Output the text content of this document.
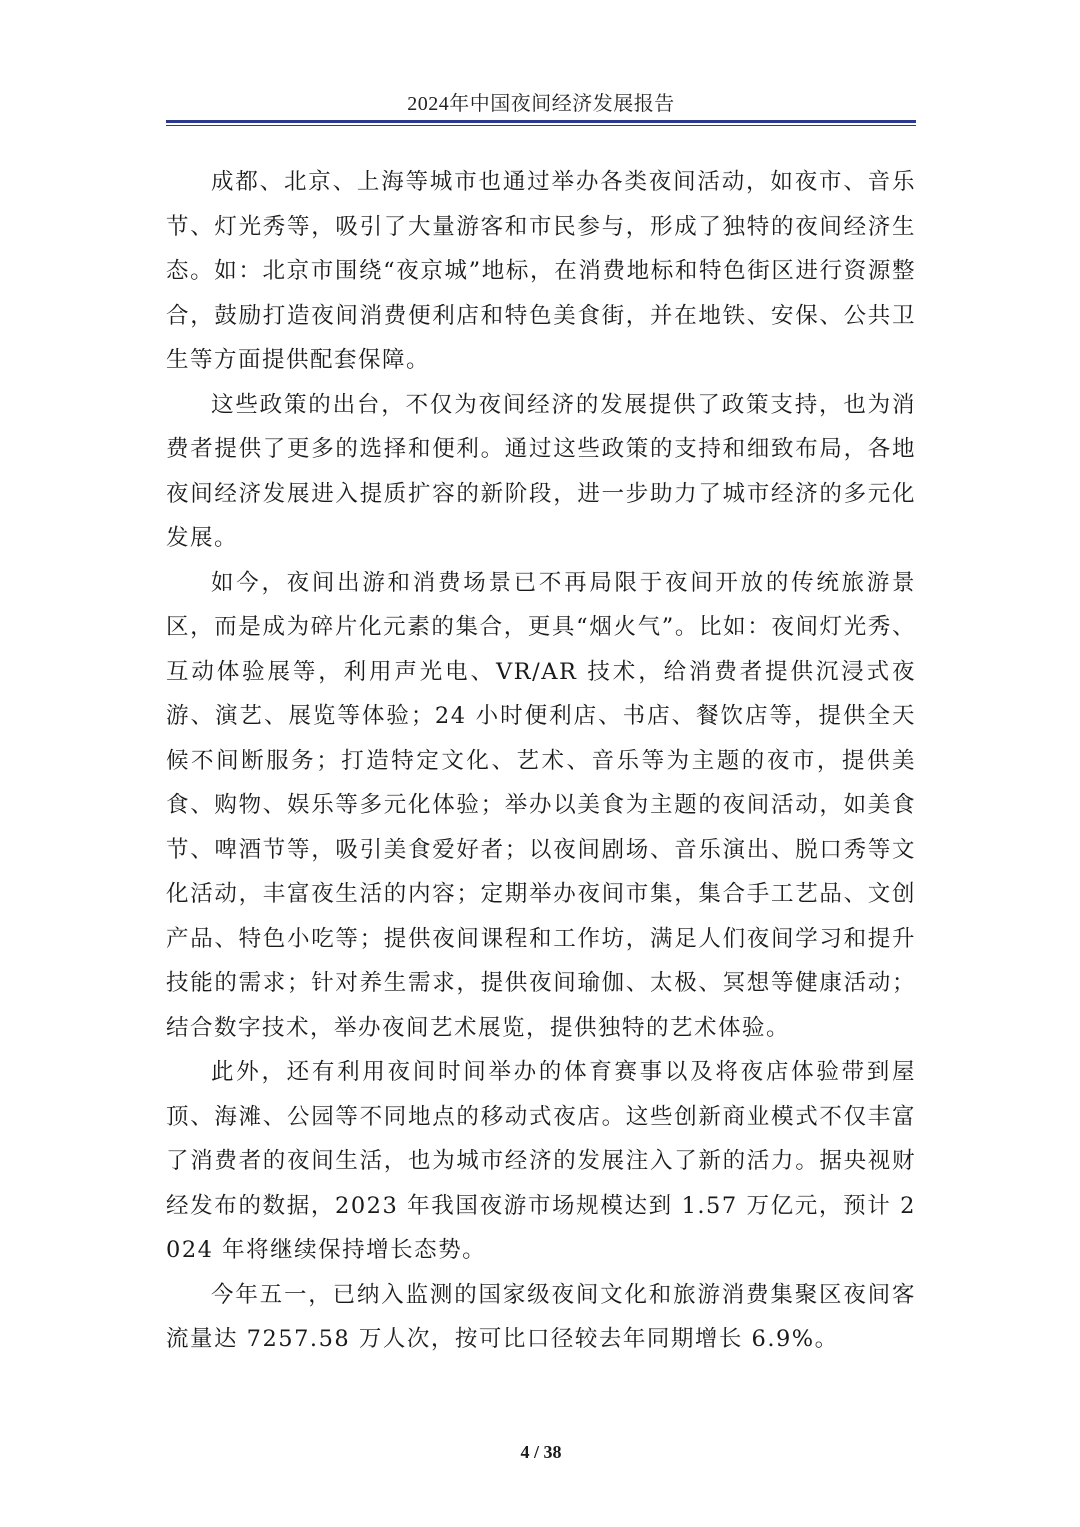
2024年中国夜间经济发展报告

成都、北京、上海等城市也通过举办各类夜间活动，如夜市、音乐节、灯光秀等，吸引了大量游客和市民参与，形成了独特的夜间经济生态。如：北京市围绕“夜京城”地标，在消费地标和特色街区进行资源整合，鼓励打造夜间消费便利店和特色美食街，并在地铁、安保、公共卫生等方面提供配套保障。

这些政策的出台，不仅为夜间经济的发展提供了政策支持，也为消费者提供了更多的选择和便利。通过这些政策的支持和细致布局，各地夜间经济发展进入提质扩容的新阶段，进一步助力了城市经济的多元化发展。

如今，夜间出游和消费场景已不再局限于夜间开放的传统旅游景区，而是成为碎片化元素的集合，更具“烟火气”。比如：夜间灯光秀、互动体验展等，利用声光电、VR/AR 技术，给消费者提供沉浸式夜游、演艺、展览等体验；24 小时便利店、书店、餐饮店等，提供全天候不间断服务；打造特定文化、艺术、音乐等为主题的夜市，提供美食、购物、娱乐等多元化体验；举办以美食为主题的夜间活动，如美食节、啤酒节等，吸引美食爱好者；以夜间剧场、音乐演出、脱口秀等文化活动，丰富夜生活的内容；定期举办夜间市集，集合手工艺品、文创产品、特色小吃等；提供夜间课程和工作坊，满足人们夜间学习和提升技能的需求；针对养生需求，提供夜间瑜伽、太极、冥想等健康活动；结合数字技术，举办夜间艺术展览，提供独特的艺术体验。

此外，还有利用夜间时间举办的体育赛事以及将夜店体验带到屋顶、海滩、公园等不同地点的移动式夜店。这些创新商业模式不仅丰富了消费者的夜间生活，也为城市经济的发展注入了新的活力。据央视财经发布的数据，2023 年我国夜游市场规模达到 1.57 万亿元，预计 2024 年将继续保持增长态势。

今年五一，已纳入监测的国家级夜间文化和旅游消费集聚区夜间客流量达 7257.58 万人次，按可比口径较去年同期增长 6.9%。

4 / 38
